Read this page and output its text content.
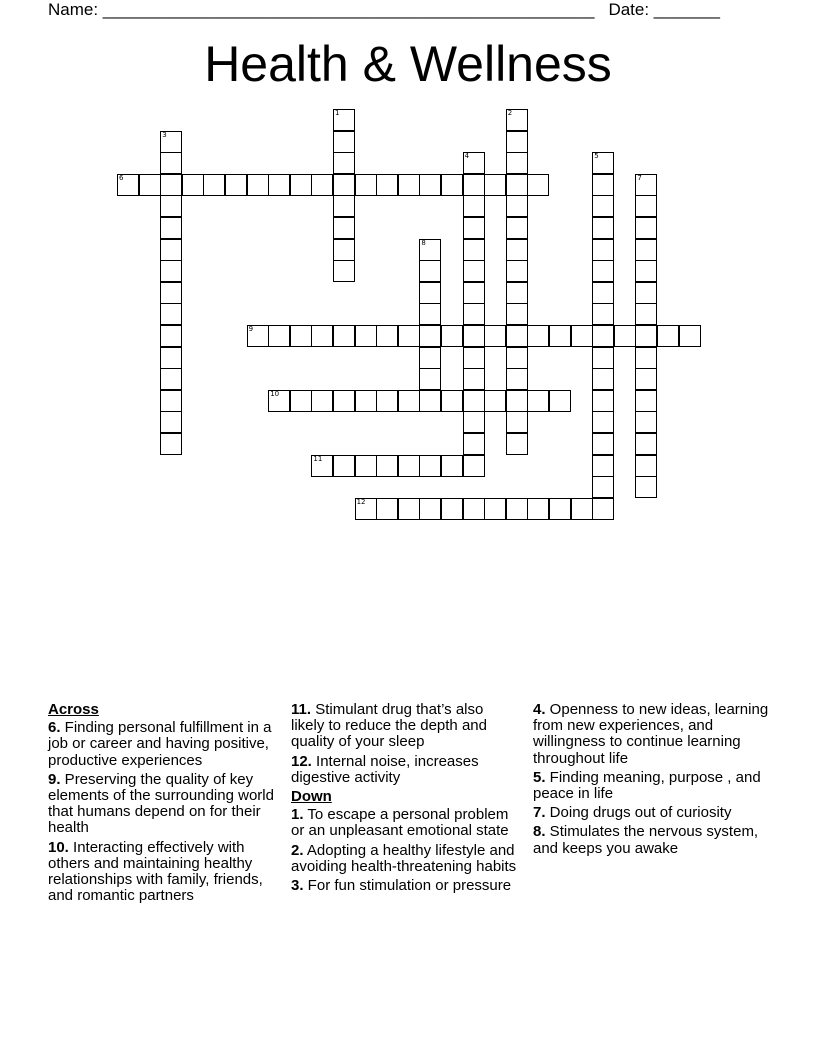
Name: ____________________________________________________ Date: _______
Health & Wellness
1	2
3
4	5
6	7
8
9
10
11
12
Across
6. Finding personal fulfillment in a job or career and having positive, productive experiences
9. Preserving the quality of key elements of the surrounding world that humans depend on for their health
10. Interacting effectively with others and maintaining healthy relationships with family, friends, and romantic partners
11. Stimulant drug that’s also likely to reduce the depth and quality of your sleep
12. Internal noise, increases digestive activity
Down
1. To escape a personal problem or an unpleasant emotional state
2. Adopting a healthy lifestyle and avoiding health-threatening habits
3. For fun stimulation or pressure
4. Openness to new ideas, learning from new experiences, and willingness to continue learning throughout life
5. Finding meaning, purpose , and peace in life
7. Doing drugs out of curiosity
8. Stimulates the nervous system, and keeps you awake
